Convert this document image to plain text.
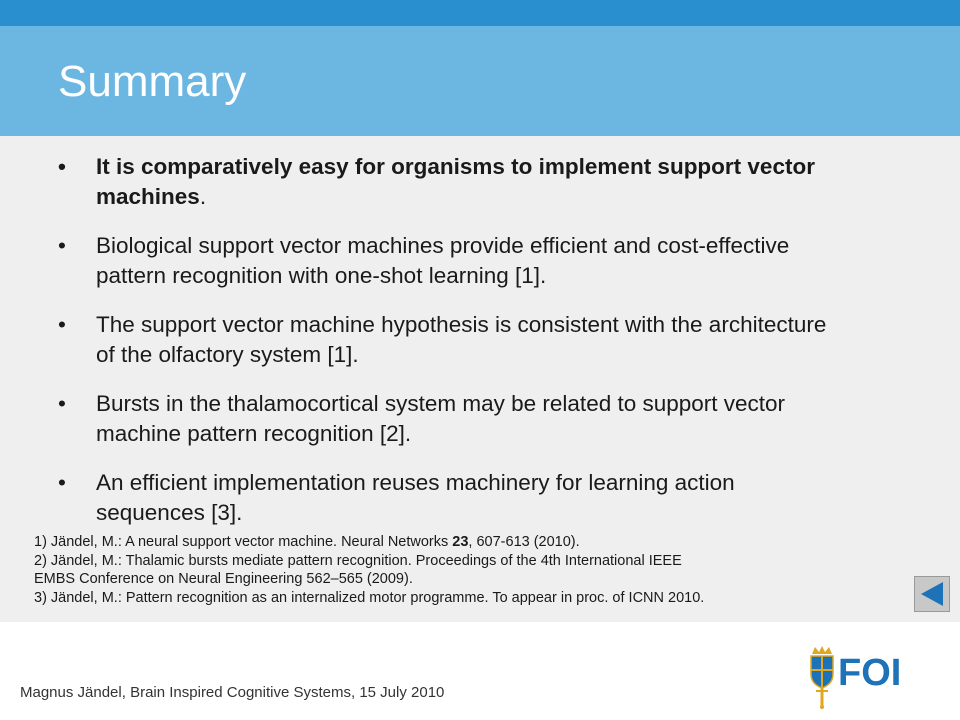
Summary
• It is comparatively easy for organisms to implement support vector machines.
• Biological support vector machines provide efficient and cost-effective pattern recognition with one-shot learning [1].
• The support vector machine hypothesis is consistent with the architecture of the olfactory system [1].
• Bursts in the thalamocortical system may be related to support vector machine pattern recognition [2].
• An efficient implementation reuses machinery for learning action sequences [3].
1) Jändel, M.: A neural support vector machine. Neural Networks 23, 607-613 (2010).
2) Jändel, M.: Thalamic bursts mediate pattern recognition. Proceedings of the 4th International IEEE
EMBS Conference on Neural Engineering 562–565 (2009).
3) Jändel, M.: Pattern recognition as an internalized motor programme. To appear in proc. of ICNN 2010.
Magnus Jändel, Brain Inspired Cognitive Systems, 15 July 2010	FOI
